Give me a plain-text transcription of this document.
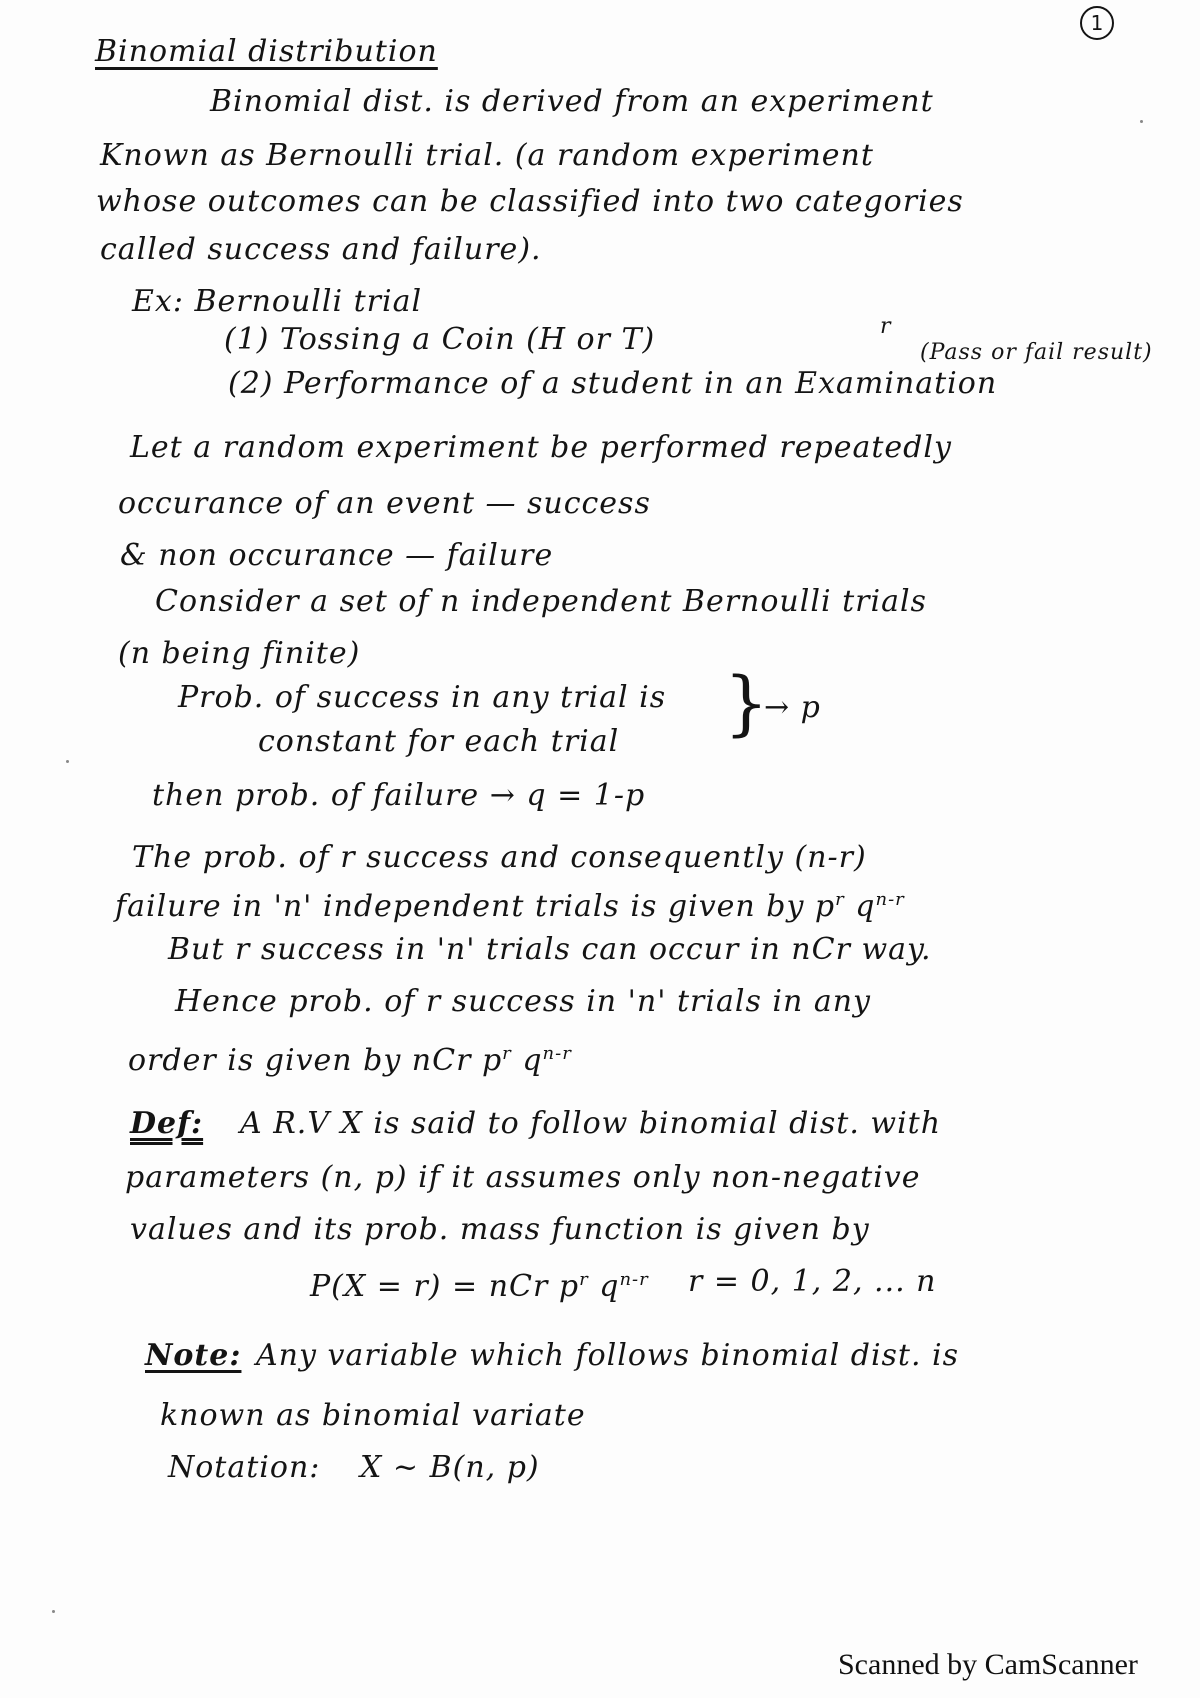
1
Binomial distribution
Binomial dist. is derived from an experiment
Known as Bernoulli trial. (a random experiment
whose outcomes can be classified into two categories
called success and failure).
Ex: Bernoulli trial
(1) Tossing a Coin (H or T)	r
(2) Performance of a student in an Examination
(Pass or fail result)
Let a random experiment be performed repeatedly
occurance of an event — success
& non occurance — failure
Consider a set of n independent Bernoulli trials
(n being finite)
Prob. of success in any trial is
constant for each trial }
→ p
then prob. of failure → q = 1-p
The prob. of r success and consequently (n-r)
failure in 'n' independent trials is given by $p^r$ $q^{n-r}$
But r success in 'n' trials can occur in nCr way.
Hence prob. of r success in 'n' trials in any
order is given by nCr $p^r$ $q^{n-r}$
Def: A R.V X is said to follow binomial dist. with
parameters (n, p) if it assumes only non-negative
values and its prob. mass function is given by
P(X = r) = nCr $p^r$ $q^{n-r}$ r = 0, 1, 2, ... n
Note: Any variable which follows binomial dist. is
known as binomial variate
Notation: X ~ B(n, p)
Scanned by CamScanner
